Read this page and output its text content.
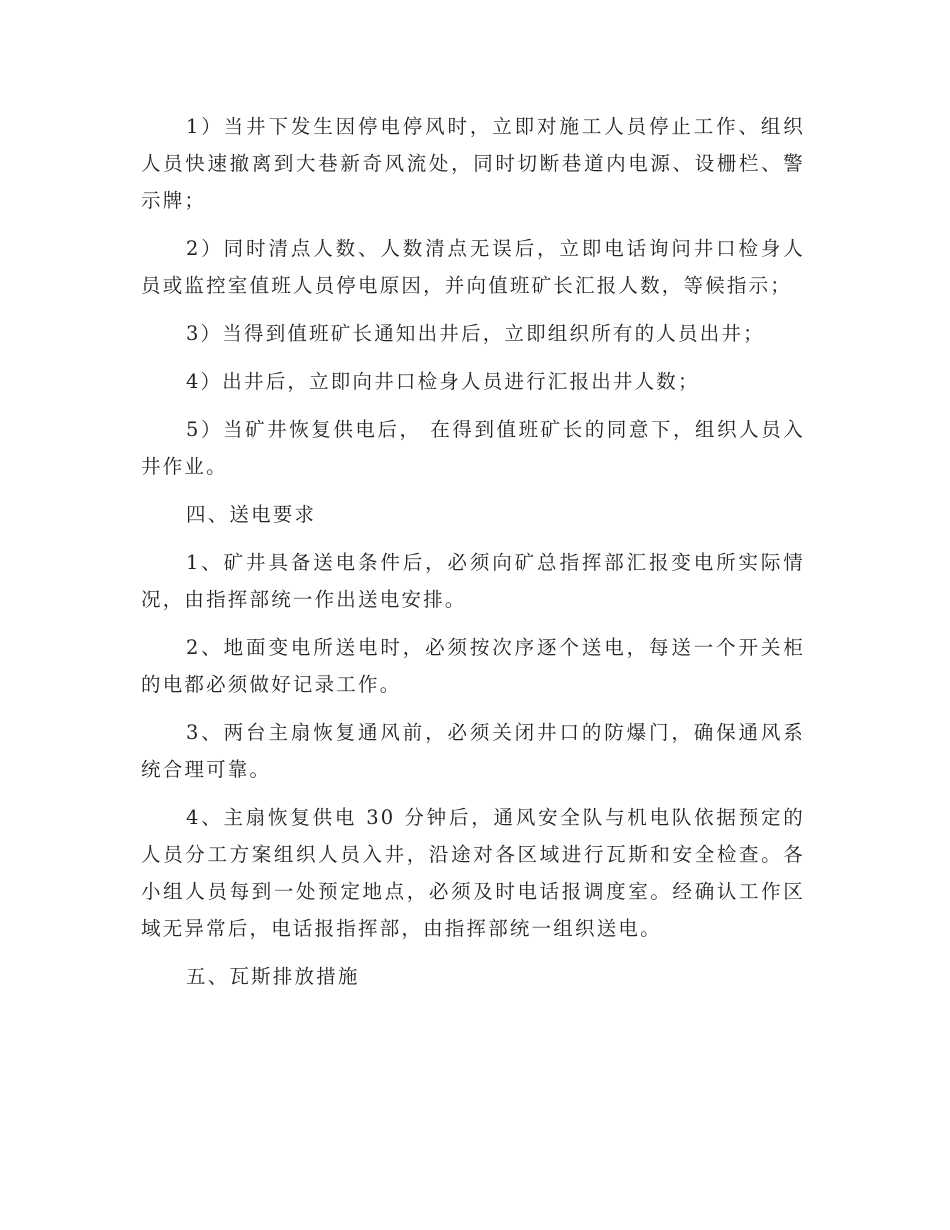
1）当井下发生因停电停风时，立即对施工人员停止工作、组织人员快速撤离到大巷新奇风流处，同时切断巷道内电源、设栅栏、警示牌；

2）同时清点人数、人数清点无误后，立即电话询问井口检身人员或监控室值班人员停电原因，并向值班矿长汇报人数，等候指示；

3）当得到值班矿长通知出井后，立即组织所有的人员出井；

4）出井后，立即向井口检身人员进行汇报出井人数；

5）当矿井恢复供电后， 在得到值班矿长的同意下，组织人员入井作业。

四、送电要求

1、矿井具备送电条件后，必须向矿总指挥部汇报变电所实际情况，由指挥部统一作出送电安排。

2、地面变电所送电时，必须按次序逐个送电，每送一个开关柜的电都必须做好记录工作。

3、两台主扇恢复通风前，必须关闭井口的防爆门，确保通风系统合理可靠。

4、主扇恢复供电 30 分钟后，通风安全队与机电队依据预定的人员分工方案组织人员入井，沿途对各区域进行瓦斯和安全检查。各小组人员每到一处预定地点，必须及时电话报调度室。经确认工作区域无异常后，电话报指挥部，由指挥部统一组织送电。

五、瓦斯排放措施
